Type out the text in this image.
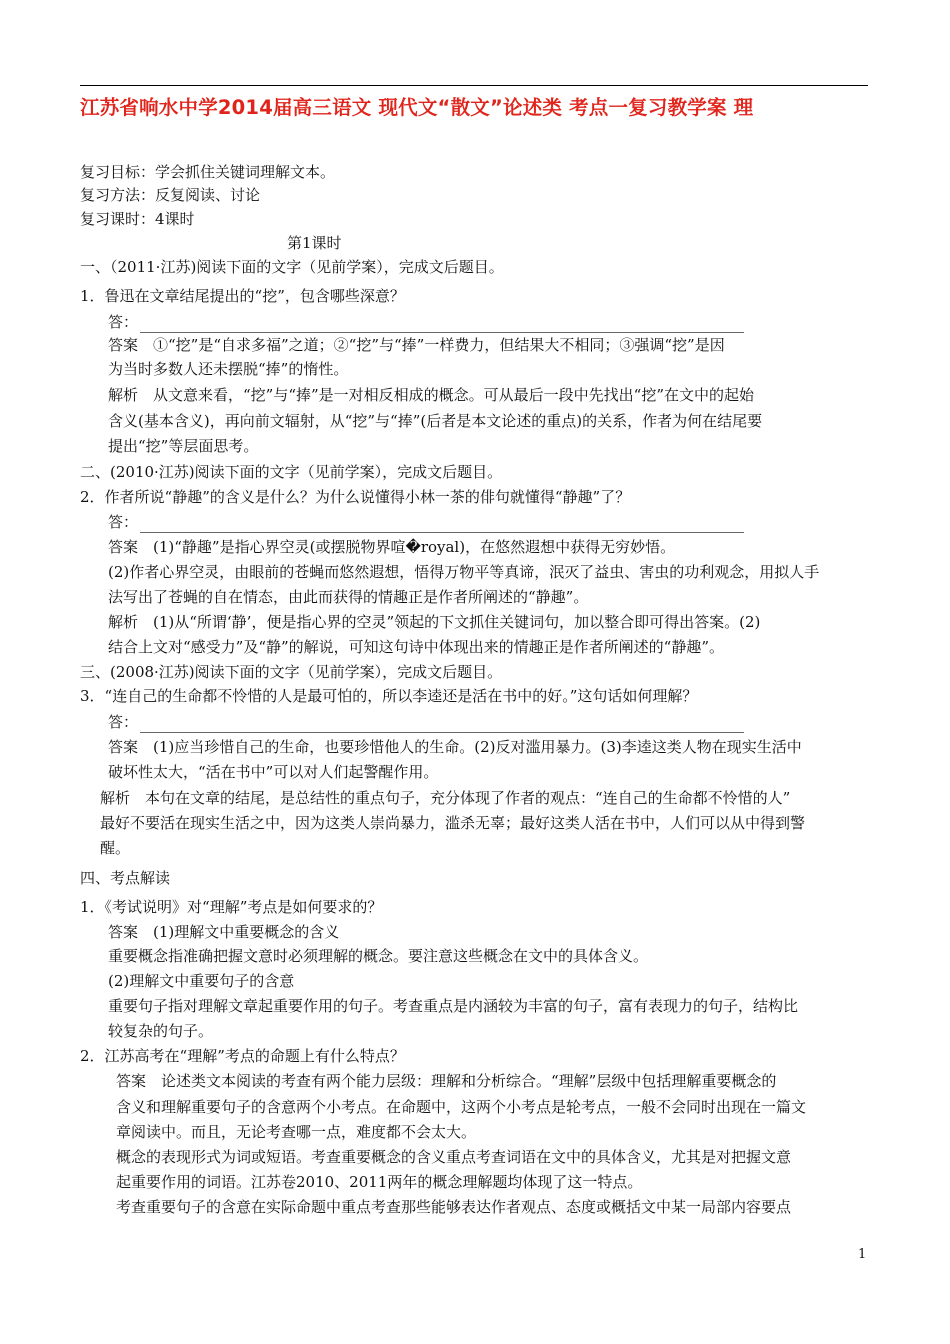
江苏省响水中学2014届高三语文 现代文“散文”论述类 考点一复习教学案 理
复习目标：学会抓住关键词理解文本。
复习方法：反复阅读、讨论
复习课时：4课时
第1课时
一、（2011·江苏)阅读下面的文字（见前学案），完成文后题目。
1．鲁迅在文章结尾提出的“挖”，包含哪些深意？
答：
答案　①“挖”是“自求多福”之道；②“挖”与“捧”一样费力，但结果大不相同；③强调“挖”是因
为当时多数人还未摆脱“捧”的惰性。
解析　从文意来看，“挖”与“捧”是一对相反相成的概念。可从最后一段中先找出“挖”在文中的起始
含义(基本含义)，再向前文辐射，从“挖”与“捧”(后者是本文论述的重点)的关系，作者为何在结尾要
提出“挖”等层面思考。
二、(2010·江苏)阅读下面的文字（见前学案），完成文后题目。
2．作者所说“静趣”的含义是什么？为什么说懂得小林一茶的俳句就懂得“静趣”了？
答：
答案　(1)“静趣”是指心界空灵(或摆脱物界喧�royal)，在悠然遐想中获得无穷妙悟。
(2)作者心界空灵，由眼前的苍蝇而悠然遐想，悟得万物平等真谛，泯灭了益虫、害虫的功利观念，用拟人手
法写出了苍蝇的自在情态，由此而获得的情趣正是作者所阐述的“静趣”。
解析　(1)从“所谓‘静’，便是指心界的空灵”领起的下文抓住关键词句，加以整合即可得出答案。(2)
结合上文对“感受力”及“静”的解说，可知这句诗中体现出来的情趣正是作者所阐述的“静趣”。
三、(2008·江苏)阅读下面的文字（见前学案），完成文后题目。
3．“连自己的生命都不怜惜的人是最可怕的，所以李逵还是活在书中的好。”这句话如何理解？
答：
答案　(1)应当珍惜自己的生命，也要珍惜他人的生命。(2)反对滥用暴力。(3)李逵这类人物在现实生活中
破坏性太大，“活在书中”可以对人们起警醒作用。
解析　本句在文章的结尾，是总结性的重点句子，充分体现了作者的观点：“连自己的生命都不怜惜的人”
最好不要活在现实生活之中，因为这类人崇尚暴力，滥杀无辜；最好这类人活在书中，人们可以从中得到警
醒。
四、考点解读
1．《考试说明》对“理解”考点是如何要求的？
答案　(1)理解文中重要概念的含义
重要概念指准确把握文意时必须理解的概念。要注意这些概念在文中的具体含义。
(2)理解文中重要句子的含意
重要句子指对理解文章起重要作用的句子。考查重点是内涵较为丰富的句子，富有表现力的句子，结构比
较复杂的句子。
2．江苏高考在“理解”考点的命题上有什么特点？
答案　论述类文本阅读的考查有两个能力层级：理解和分析综合。“理解”层级中包括理解重要概念的
含义和理解重要句子的含意两个小考点。在命题中，这两个小考点是轮考点，一般不会同时出现在一篇文
章阅读中。而且，无论考查哪一点，难度都不会太大。
概念的表现形式为词或短语。考查重要概念的含义重点考查词语在文中的具体含义，尤其是对把握文意
起重要作用的词语。江苏卷2010、2011两年的概念理解题均体现了这一特点。
考查重要句子的含意在实际命题中重点考查那些能够表达作者观点、态度或概括文中某一局部内容要点
1
